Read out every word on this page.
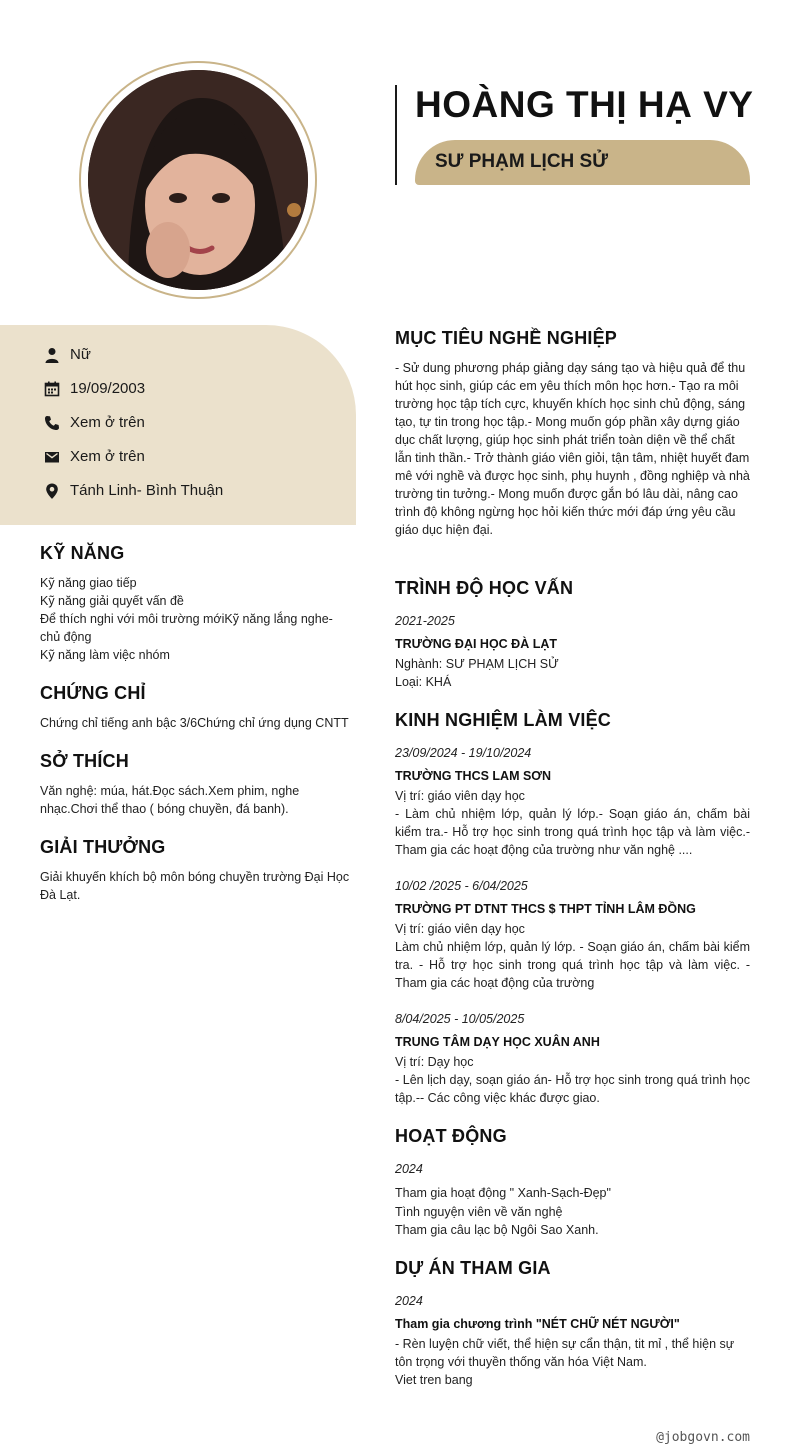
HOÀNG THỊ HẠ VY
SƯ PHẠM LỊCH SỬ
Nữ
19/09/2003
Xem ở trên
Xem ở trên
Tánh Linh- Bình Thuận
KỸ NĂNG
Kỹ năng giao tiếp
Kỹ năng giải quyết vấn đề
Để thích nghi với môi trường mớiKỹ năng lắng nghe-
chủ động
Kỹ năng làm việc nhóm
CHỨNG CHỈ
Chứng chỉ tiếng anh bậc 3/6Chứng chỉ ứng dụng CNTT
SỞ THÍCH
Văn nghệ: múa, hát.Đọc sách.Xem phim, nghe
nhạc.Chơi thể thao ( bóng chuyền, đá banh).
GIẢI THƯỞNG
Giải khuyến khích bộ môn bóng chuyền trường Đại Học
Đà Lạt.
MỤC TIÊU NGHỀ NGHIỆP
- Sử dung phương pháp giảng dạy sáng tạo và hiệu quả để thu hút học sinh, giúp các em yêu thích môn học hơn.- Tạo ra môi trường học tập tích cực, khuyến khích học sinh chủ động, sáng tạo, tự tin trong học tập.- Mong muốn góp phần xây dựng giáo dục chất lượng, giúp học sinh phát triển toàn diện về thể chất lẫn tinh thần.- Trở thành giáo viên giỏi, tận tâm, nhiệt huyết đam mê với nghề và được học sinh, phụ huynh , đồng nghiệp và nhà trường tin tưởng.- Mong muốn được gắn bó lâu dài, nâng cao trình độ không ngừng học hỏi kiến thức mới đáp ứng yêu cầu giáo dục hiện đại.
TRÌNH ĐỘ HỌC VẤN
2021-2025
TRƯỜNG ĐẠI HỌC ĐÀ LẠT
Nghành: SƯ PHẠM LỊCH SỬ
Loại: KHÁ
KINH NGHIỆM LÀM VIỆC
23/09/2024 - 19/10/2024
TRƯỜNG THCS LAM SƠN
Vị trí: giáo viên dạy học
- Làm chủ nhiệm lớp, quản lý lớp.- Soạn giáo án, chấm bài kiểm tra.- Hỗ trợ học sinh trong quá trình học tập và làm việc.- Tham gia các hoạt động của trường như văn nghệ ....
10/02 /2025 - 6/04/2025
TRƯỜNG PT DTNT THCS $ THPT TỈNH LÂM ĐỒNG
Vị trí: giáo viên dạy học
Làm chủ nhiệm lớp, quản lý lớp. - Soạn giáo án, chấm bài kiểm tra. - Hỗ trợ học sinh trong quá trình học tập và làm việc. - Tham gia các hoạt động của trường
8/04/2025 - 10/05/2025
TRUNG TÂM DẠY HỌC XUÂN ANH
Vị trí: Dạy học
- Lên lịch dạy, soạn giáo án- Hỗ trợ học sinh trong quá trình học tập.-- Các công việc khác được giao.
HOẠT ĐỘNG
2024
Tham gia hoạt động " Xanh-Sạch-Đẹp"
Tình nguyện viên về văn nghệ
Tham gia câu lạc bộ Ngôi Sao Xanh.
DỰ ÁN THAM GIA
2024
Tham gia chương trình "NÉT CHỮ NÉT NGƯỜI"
- Rèn luyện chữ viết, thể hiện sự cẩn thận, tit mỉ , thể hiện sự tôn trọng với thuyền thống văn hóa Việt Nam.
Viet tren bang
@jobgovn.com
